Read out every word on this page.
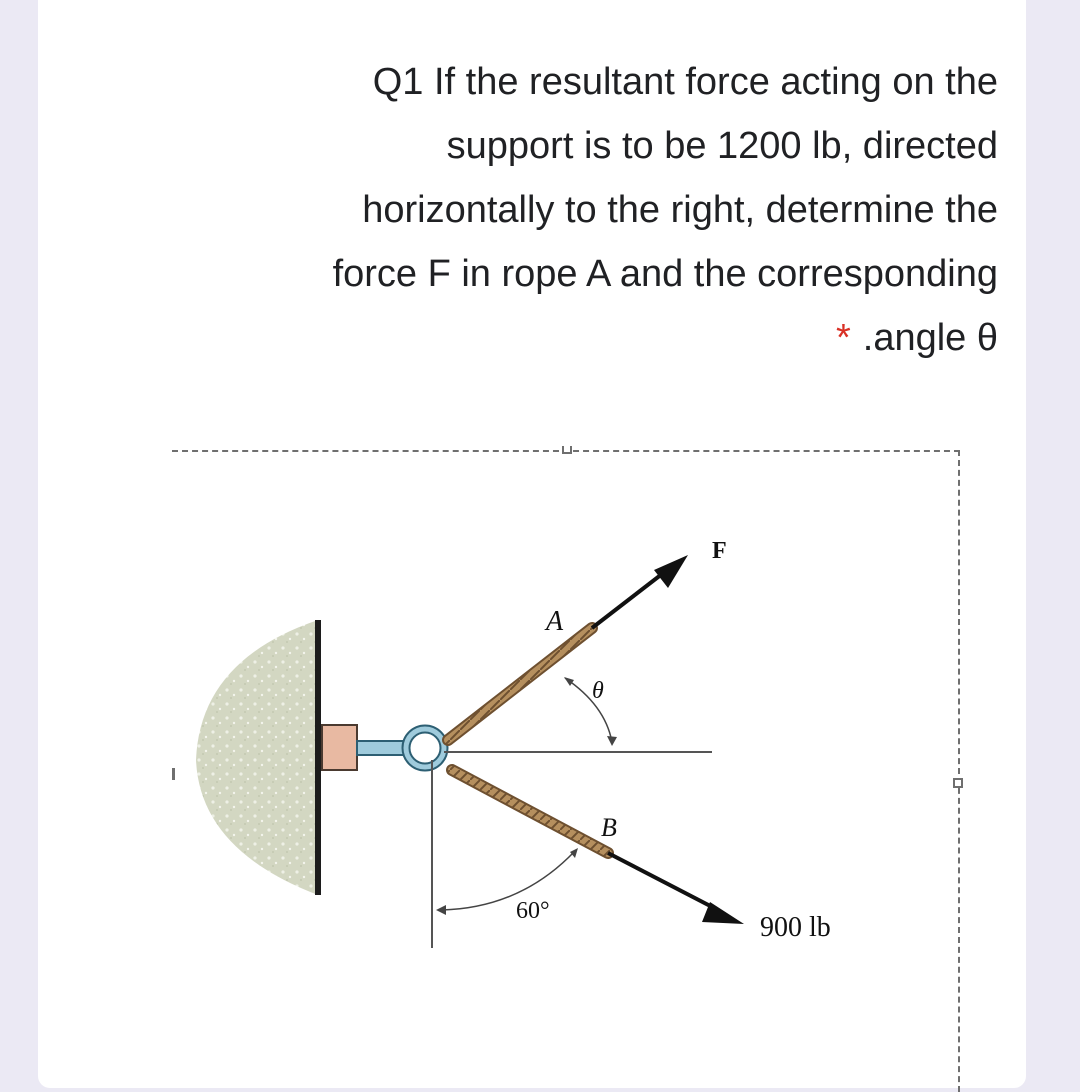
Q1 If the resultant force acting on the
support is to be 1200 lb, directed
horizontally to the right, determine the
force F in rope A and the corresponding
* .angle θ
F
A
θ
B
60°
900 lb
